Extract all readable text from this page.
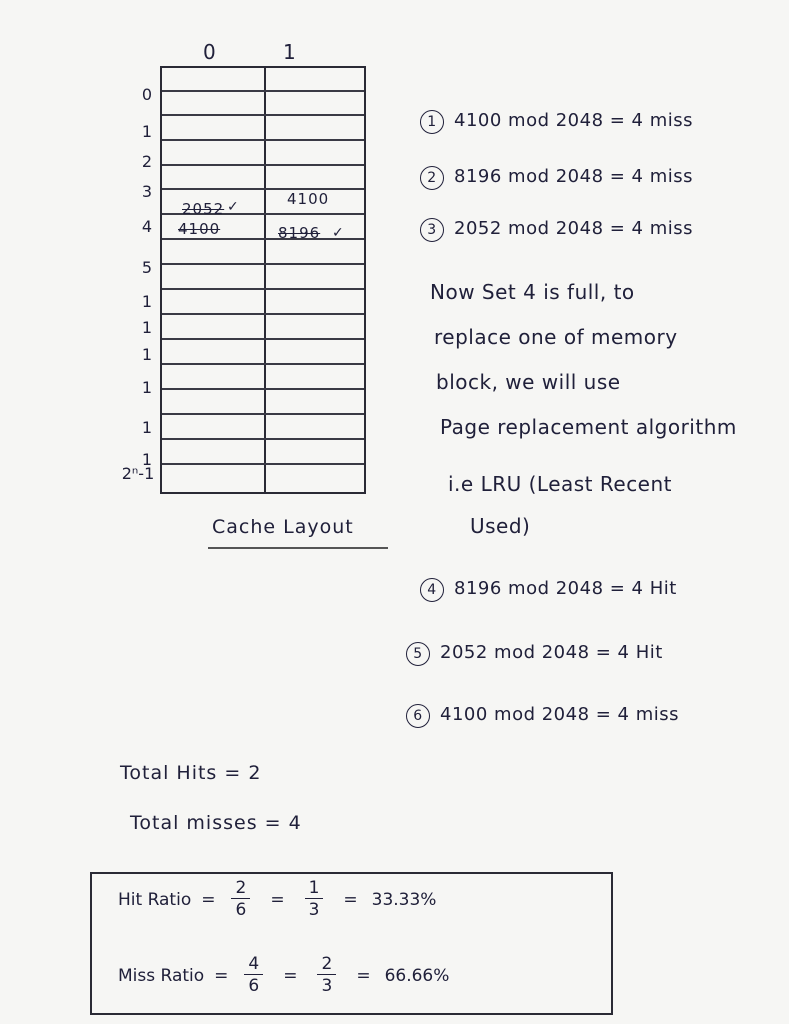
0	1
0
1
2
3
4
5
1
1
1
1
1
1
2ⁿ-1
2052 ✓
4100
4100
8196 ✓
Cache Layout
1 4100 mod 2048 = 4 miss
2 8196 mod 2048 = 4 miss
3 2052 mod 2048 = 4 miss
Now Set 4 is full, to
replace one of memory
block, we will use
Page replacement algorithm
i.e LRU (Least Recent
Used)
4 8196 mod 2048 = 4 Hit
5 2052 mod 2048 = 4 Hit
6 4100 mod 2048 = 4 miss
Total Hits = 2
Total misses = 4
Hit Ratio = $\frac{2}{6} = \frac{1}{3} = 33.33\%$
Miss Ratio = $\frac{4}{6} = \frac{2}{3} = 66.66\%$
